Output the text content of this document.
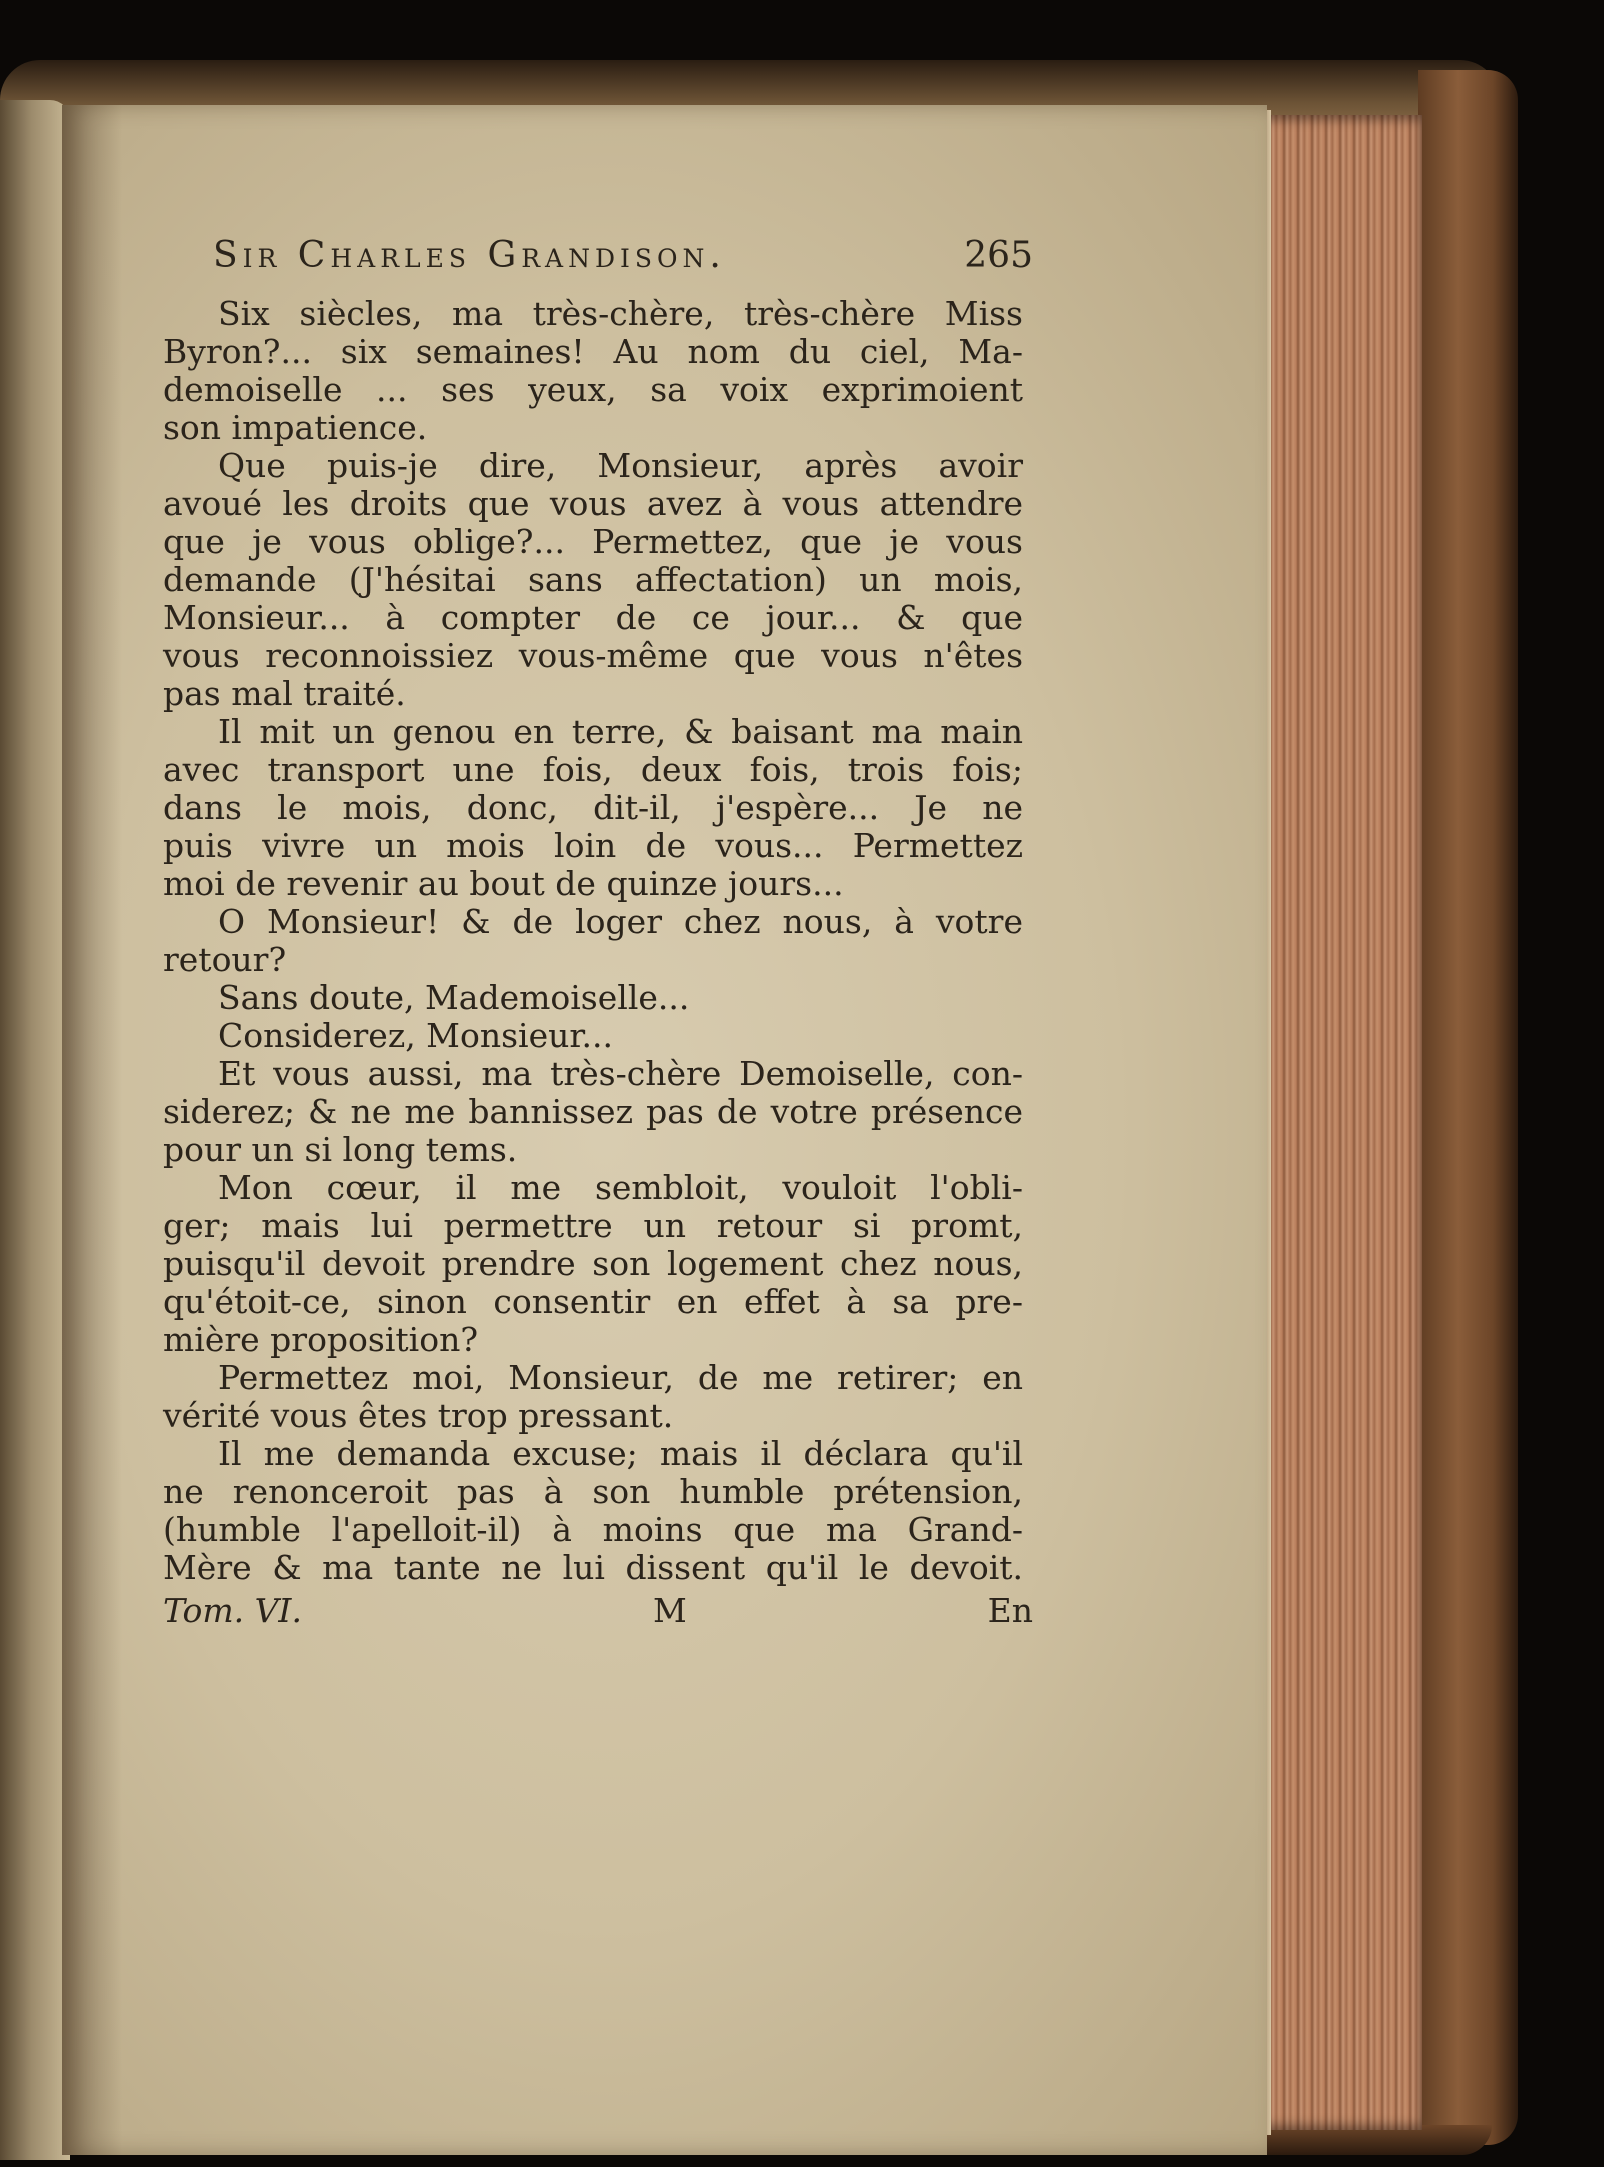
Sir Charles Grandison.	265
Six siècles, ma très-chère, très-chère Miss
Byron?... six semaines! Au nom du ciel, Ma-
demoiselle ... ses yeux, sa voix exprimoient
son impatience.
Que puis-je dire, Monsieur, après avoir
avoué les droits que vous avez à vous attendre
que je vous oblige?... Permettez, que je vous
demande (J'hésitai sans affectation) un mois,
Monsieur... à compter de ce jour... & que
vous reconnoissiez vous-même que vous n'êtes
pas mal traité.
Il mit un genou en terre, & baisant ma main
avec transport une fois, deux fois, trois fois;
dans le mois, donc, dit-il, j'espère... Je ne
puis vivre un mois loin de vous... Permettez
moi de revenir au bout de quinze jours...
O Monsieur! & de loger chez nous, à votre
retour?
Sans doute, Mademoiselle...
Considerez, Monsieur...
Et vous aussi, ma très-chère Demoiselle, con-
siderez; & ne me bannissez pas de votre présence
pour un si long tems.
Mon cœur, il me sembloit, vouloit l'obli-
ger; mais lui permettre un retour si promt,
puisqu'il devoit prendre son logement chez nous,
qu'étoit-ce, sinon consentir en effet à sa pre-
mière proposition?
Permettez moi, Monsieur, de me retirer; en
vérité vous êtes trop pressant.
Il me demanda excuse; mais il déclara qu'il
ne renonceroit pas à son humble prétension,
(humble l'apelloit-il) à moins que ma Grand-
Mère & ma tante ne lui dissent qu'il le devoit.
Tom. VI.	M	En
